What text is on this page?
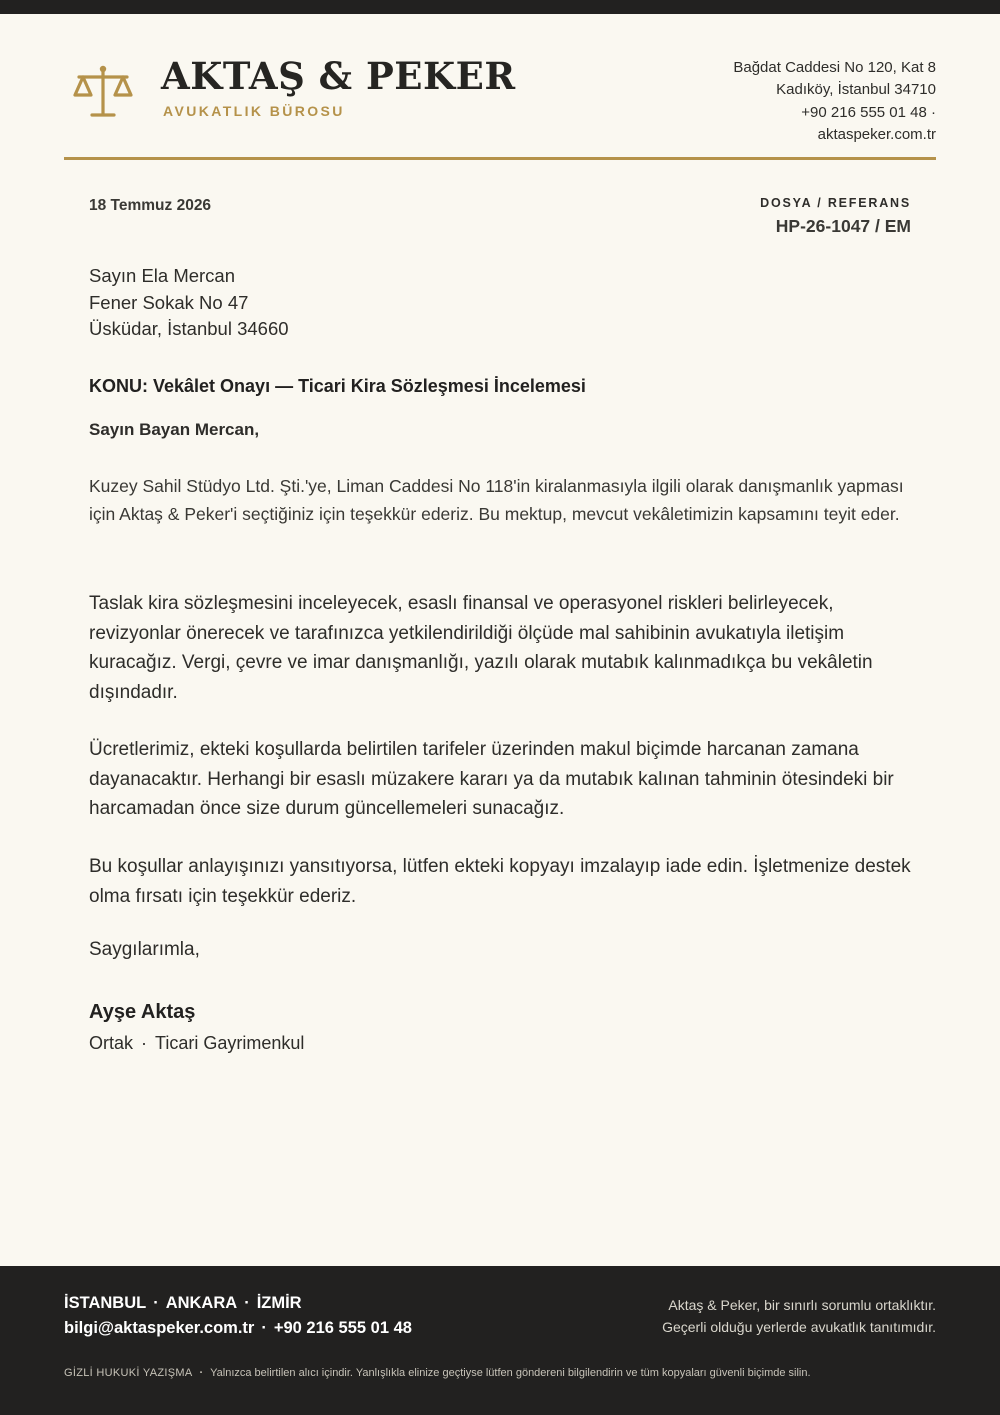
AKTAŞ & PEKER
AVUKATLIK BÜROSU
Bağdat Caddesi No 120, Kat 8
Kadıköy, İstanbul 34710
+90 216 555 01 48 ·
aktaspeker.com.tr
18 Temmuz 2026	DOSYA / REFERANS
HP-26-1047 / EM
Sayın Ela Mercan
Fener Sokak No 47
Üsküdar, İstanbul 34660
KONU: Vekâlet Onayı — Ticari Kira Sözleşmesi İncelemesi
Sayın Bayan Mercan,

Kuzey Sahil Stüdyo Ltd. Şti.'ye, Liman Caddesi No 118'in kiralanmasıyla ilgili olarak danışmanlık yapması için Aktaş & Peker'i seçtiğiniz için teşekkür ederiz. Bu mektup, mevcut vekâletimizin kapsamını teyit eder.

Taslak kira sözleşmesini inceleyecek, esaslı finansal ve operasyonel riskleri belirleyecek, revizyonlar önerecek ve tarafınızca yetkilendirildiği ölçüde mal sahibinin avukatıyla iletişim kuracağız. Vergi, çevre ve imar danışmanlığı, yazılı olarak mutabık kalınmadıkça bu vekâletin dışındadır.

Ücretlerimiz, ekteki koşullarda belirtilen tarifeler üzerinden makul biçimde harcanan zamana dayanacaktır. Herhangi bir esaslı müzakere kararı ya da mutabık kalınan tahminin ötesindeki bir harcamadan önce size durum güncellemeleri sunacağız.

Bu koşullar anlayışınızı yansıtıyorsa, lütfen ekteki kopyayı imzalayıp iade edin. İşletmenize destek olma fırsatı için teşekkür ederiz.

Saygılarımla,
Ayşe Aktaş
Ortak · Ticari Gayrimenkul
İSTANBUL · ANKARA · İZMİR
bilgi@aktaspeker.com.tr · +90 216 555 01 48
Aktaş & Peker, bir sınırlı sorumlu ortaklıktır.
Geçerli olduğu yerlerde avukatlık tanıtımıdır.
GİZLİ HUKUKİ YAZIŞMA · Yalnızca belirtilen alıcı içindir. Yanlışlıkla elinize geçtiyse lütfen göndereni bilgilendirin ve tüm kopyaları güvenli biçimde silin.
